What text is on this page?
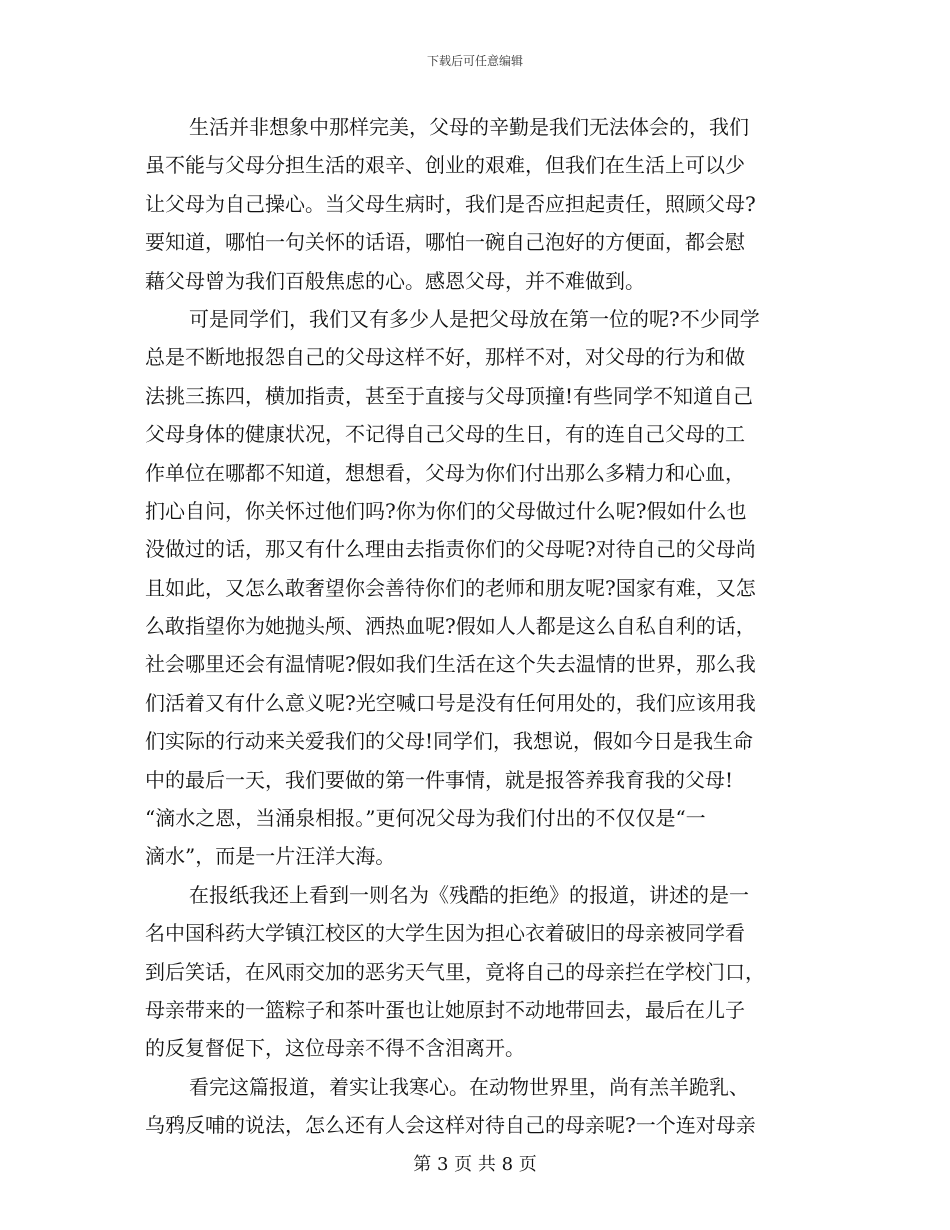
下载后可任意编辑
生活并非想象中那样完美，父母的辛勤是我们无法体会的，我们
虽不能与父母分担生活的艰辛、创业的艰难，但我们在生活上可以少
让父母为自己操心。当父母生病时，我们是否应担起责任，照顾父母?
要知道，哪怕一句关怀的话语，哪怕一碗自己泡好的方便面，都会慰
藉父母曾为我们百般焦虑的心。感恩父母，并不难做到。
可是同学们，我们又有多少人是把父母放在第一位的呢?不少同学
总是不断地报怨自己的父母这样不好，那样不对，对父母的行为和做
法挑三拣四，横加指责，甚至于直接与父母顶撞!有些同学不知道自己
父母身体的健康状况，不记得自己父母的生日，有的连自己父母的工
作单位在哪都不知道，想想看，父母为你们付出那么多精力和心血，
扪心自问，你关怀过他们吗?你为你们的父母做过什么呢?假如什么也
没做过的话，那又有什么理由去指责你们的父母呢?对待自己的父母尚
且如此，又怎么敢奢望你会善待你们的老师和朋友呢?国家有难，又怎
么敢指望你为她抛头颅、洒热血呢?假如人人都是这么自私自利的话，
社会哪里还会有温情呢?假如我们生活在这个失去温情的世界，那么我
们活着又有什么意义呢?光空喊口号是没有任何用处的，我们应该用我
们实际的行动来关爱我们的父母!同学们，我想说，假如今日是我生命
中的最后一天，我们要做的第一件事情，就是报答养我育我的父母!
“滴水之恩，当涌泉相报。”更何况父母为我们付出的不仅仅是“一
滴水”，而是一片汪洋大海。
在报纸我还上看到一则名为《残酷的拒绝》的报道，讲述的是一
名中国科药大学镇江校区的大学生因为担心衣着破旧的母亲被同学看
到后笑话，在风雨交加的恶劣天气里，竟将自己的母亲拦在学校门口，
母亲带来的一篮粽子和茶叶蛋也让她原封不动地带回去，最后在儿子
的反复督促下，这位母亲不得不含泪离开。
看完这篇报道，着实让我寒心。在动物世界里，尚有羔羊跪乳、
乌鸦反哺的说法，怎么还有人会这样对待自己的母亲呢?一个连对母亲
第 3 页 共 8 页
